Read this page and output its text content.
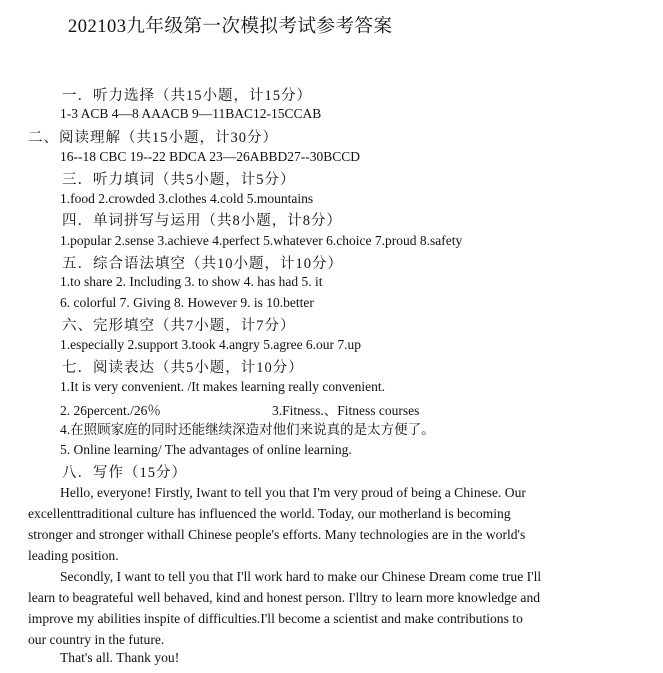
202103九年级第一次模拟考试参考答案
一．听力选择（共15小题，计15分）
1-3 ACB 4—8 AAACB 9—11BAC12-15CCAB
二、阅读理解（共15小题，计30分）
16--18 CBC 19--22 BDCA 23—26ABBD27--30BCCD
三．听力填词（共5小题，计5分）
1.food 2.crowded 3.clothes 4.cold 5.mountains
四．单词拼写与运用（共8小题，计8分）
1.popular 2.sense 3.achieve 4.perfect 5.whatever 6.choice 7.proud 8.safety
五．综合语法填空（共10小题，计10分）
1.to share 2. Including 3. to show 4. has had 5. it
6. colorful 7. Giving 8. However 9. is 10.better
六、完形填空（共7小题，计7分）
1.especially 2.support 3.took 4.angry 5.agree 6.our 7.up
七．阅读表达（共5小题，计10分）
1.It is very convenient. /It makes learning really convenient.
2. 26percent./26％	3.Fitness.、Fitness courses
4.在照顾家庭的同时还能继续深造对他们来说真的是太方便了。
5. Online learning/ The advantages of online learning.
八．写作（15分）
Hello, everyone! Firstly, Iwant to tell you that I'm very proud of being a Chinese. Our
excellenttraditional culture has influenced the world. Today, our motherland is becoming
stronger and stronger withall Chinese people's efforts. Many technologies are in the world's
leading position.
Secondly, I want to tell you that I'll work hard to make our Chinese Dream come true I'll
learn to beagrateful well behaved, kind and honest person. I'lltry to learn more knowledge and
improve my abilities inspite of difficulties.I'll become a scientist and make contributions to
our country in the future.
That's all. Thank you!
